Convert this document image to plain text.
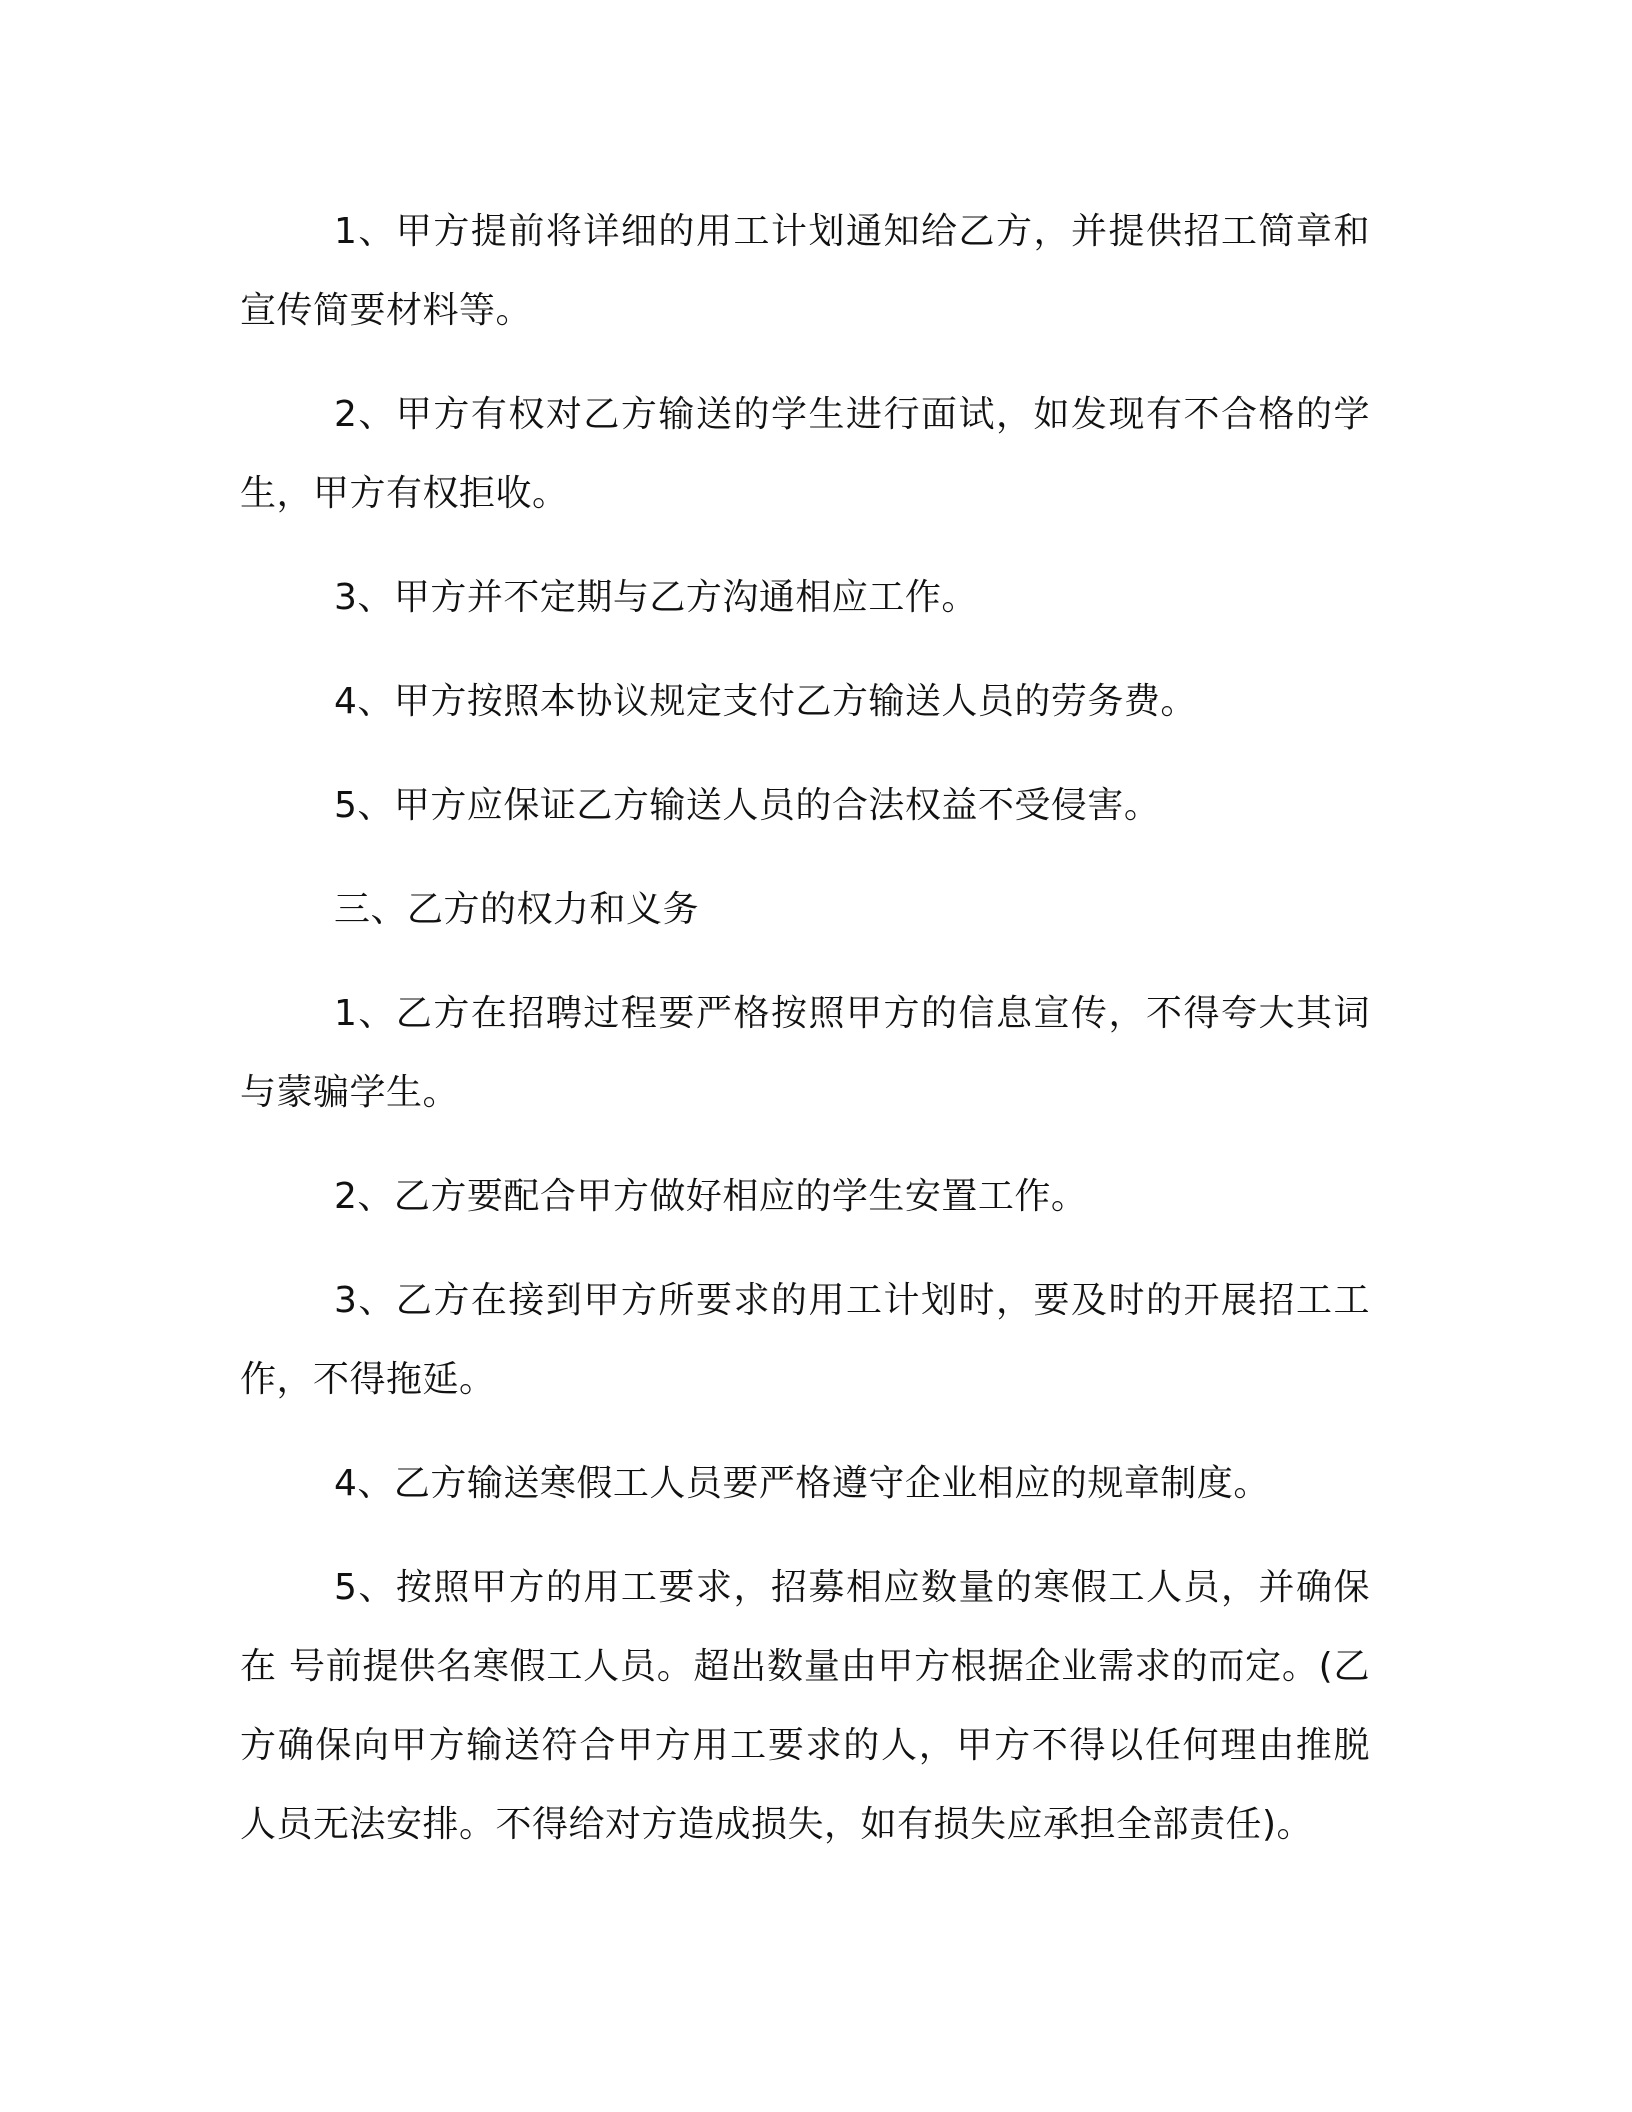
1、甲方提前将详细的用工计划通知给乙方，并提供招工简章和宣传简要材料等。

2、甲方有权对乙方输送的学生进行面试，如发现有不合格的学生，甲方有权拒收。

3、甲方并不定期与乙方沟通相应工作。

4、甲方按照本协议规定支付乙方输送人员的劳务费。

5、甲方应保证乙方输送人员的合法权益不受侵害。

三、乙方的权力和义务

1、乙方在招聘过程要严格按照甲方的信息宣传，不得夸大其词与蒙骗学生。

2、乙方要配合甲方做好相应的学生安置工作。

3、乙方在接到甲方所要求的用工计划时，要及时的开展招工工作，不得拖延。

4、乙方输送寒假工人员要严格遵守企业相应的规章制度。

5、按照甲方的用工要求，招募相应数量的寒假工人员，并确保在 号前提供名寒假工人员。超出数量由甲方根据企业需求的而定。(乙方确保向甲方输送符合甲方用工要求的人，甲方不得以任何理由推脱人员无法安排。不得给对方造成损失，如有损失应承担全部责任)。
